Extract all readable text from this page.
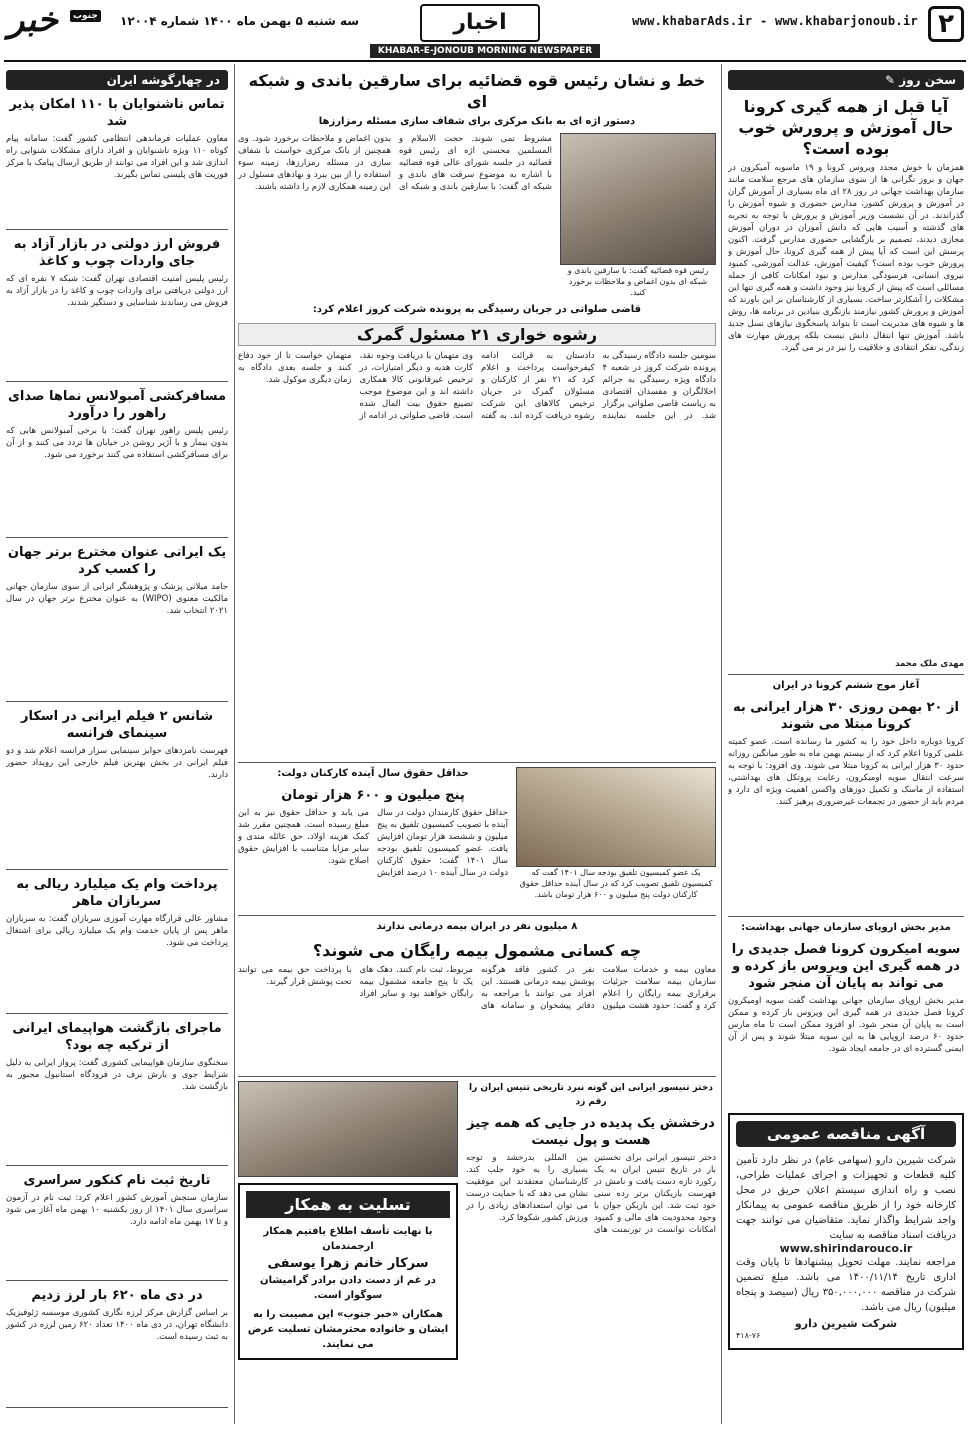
۲
www.khabarAds.ir - www.khabarjonoub.ir
اخبار
سه شنبه ۵ بهمن ماه ۱۴۰۰ شماره ۱۲۰۰۴
خبر	جنوب
KHABAR-E-JONOUB MORNING NEWSPAPER
سخن روز ✎
آیا قبل از همه گیری کرونا حال آموزش و پرورش خوب بوده است؟
همزمان با خوش مجدد ویروس کرونا و ۱۹ ماسوبه آمیکرون در جهان و بروز نگرانی ها از سوی سازمان های مرجع سلامت مانند سازمان بهداشت جهانی در روز ۲۸ ای ماه بسیاری از آمورش گران در آمورش و پرورش کشور، مدارس حضوری و شیوه آموزش را گذراندند. در آن نشست وزیر آموزش و پرورش با توجه به تجربه های گذشته و آسیب هایی که دانش آموزان در دوران آموزش مجازی دیدند، تصمیم بر بازگشایی حضوری مدارس گرفت. اکنون پرسش این است که آیا پیش از همه گیری کرونا، حال آموزش و پرورش خوب بوده است؟ کیفیت آموزش، عدالت آموزشی، کمبود نیروی انسانی، فرسودگی مدارس و نبود امکانات کافی از جمله مسائلی است که پیش از کرونا نیز وجود داشت و همه گیری تنها این مشکلات را آشکارتر ساخت. بسیاری از کارشناسان بر این باورند که آموزش و پرورش کشور نیازمند بازنگری بنیادین در برنامه ها، روش ها و شیوه های مدیریت است تا بتواند پاسخگوی نیازهای نسل جدید باشد. آموزش تنها انتقال دانش نیست بلکه پرورش مهارت های زندگی، تفکر انتقادی و خلاقیت را نیز در بر می گیرد.
مهدی ملک محمد
آغاز موج ششم کرونا در ایران
از ۲۰ بهمن روزی ۳۰ هزار ایرانی به کرونا مبتلا می شوند
کرونا دوباره داخل خود را به کشور ما رسانده است. عضو کمیته علمی کرونا اعلام کرد که از بیستم بهمن ماه به طور میانگین روزانه حدود ۳۰ هزار ایرانی به کرونا مبتلا می شوند. وی افزود: با توجه به سرعت انتقال سویه اومیکرون، رعایت پروتکل های بهداشتی، استفاده از ماسک و تکمیل دوزهای واکسن اهمیت ویژه ای دارد و مردم باید از حضور در تجمعات غیرضروری پرهیز کنند.
مدیر بخش اروپای سازمان جهانی بهداشت:
سویه امیکرون کرونا فصل جدیدی را در همه گیری این ویروس باز کرده و می تواند به پایان آن منجر شود
مدیر بخش اروپای سازمان جهانی بهداشت گفت سویه اومیکرون کرونا فصل جدیدی در همه گیری این ویروس باز کرده و ممکن است به پایان آن منجر شود. او افزود ممکن است تا ماه مارس حدود ۶۰ درصد اروپایی ها به این سویه مبتلا شوند و پس از آن ایمنی گسترده ای در جامعه ایجاد شود.
آگهی مناقصه عمومی
شرکت شیرین دارو (سهامی عام) در نظر دارد تأمین کلیه قطعات و تجهیزات و اجرای عملیات طراحی، نصب و راه اندازی سیستم اعلان حریق در محل کارخانه خود را از طریق مناقصه عمومی به پیمانکار واجد شرایط واگذار نماید. متقاضیان می توانند جهت دریافت اسناد مناقصه به سایت
www.shirindarouco.ir
مراجعه نمایند. مهلت تحویل پیشنهادها تا پایان وقت اداری تاریخ ۱۴۰۰/۱۱/۱۴ می باشد. مبلغ تضمین شرکت در مناقصه ۳۵۰,۰۰۰,۰۰۰ ریال (سیصد و پنجاه میلیون) ریال می باشد.
شرکت شیرین دارو
۴۱۸-۷۶
خط و نشان رئیس قوه قضائیه برای سارقین باندی و شبکه ای
دستور اژه ای به بانک مرکزی برای شفاف سازی مسئله رمزارزها
رئیس قوه قضائیه گفت: با سارقین باندی و شبکه ای بدون اغماض و ملاحظات برخورد کنید.
مشروط نمی شوند. حجت الاسلام و المسلمین محسنی اژه ای رئیس قوه قضائیه در جلسه شورای عالی قوه قضائیه با اشاره به موضوع سرقت های باندی و شبکه ای گفت: با سارقین باندی و شبکه ای بدون اغماض و ملاحظات برخورد شود. وی همچنین از بانک مرکزی خواست با شفاف سازی در مسئله رمزارزها، زمینه سوء استفاده را از بین ببرد و نهادهای مسئول در این زمینه همکاری لازم را داشته باشند.
قاضی صلواتی در جریان رسیدگی به پرونده شرکت کروز اعلام کرد:
رشوه خواری ۲۱ مسئول گمرک
سومین جلسه دادگاه رسیدگی به پرونده شرکت کروز در شعبه ۴ دادگاه ویژه رسیدگی به جرائم اخلالگران و مفسدان اقتصادی به ریاست قاضی صلواتی برگزار شد. در این جلسه نماینده دادستان به قرائت ادامه کیفرخواست پرداخت و اعلام کرد که ۲۱ نفر از کارکنان و مسئولان گمرک در جریان ترخیص کالاهای این شرکت رشوه دریافت کرده اند. به گفته وی متهمان با دریافت وجوه نقد، کارت هدیه و دیگر امتیازات، در ترخیص غیرقانونی کالا همکاری داشته اند و این موضوع موجب تضییع حقوق بیت المال شده است. قاضی صلواتی در ادامه از متهمان خواست تا از خود دفاع کنند و جلسه بعدی دادگاه به زمان دیگری موکول شد.
یک عضو کمیسیون تلفیق بودجه سال ۱۴۰۱ گفت که کمیسیون تلفیق تصویب کرد که در سال آینده حداقل حقوق کارکنان دولت پنج میلیون و ۶۰۰ هزار تومان باشد.
حداقل حقوق سال آینده کارکنان دولت:
پنج میلیون و ۶۰۰ هزار تومان
حداقل حقوق کارمندان دولت در سال آینده با تصویب کمیسیون تلفیق به پنج میلیون و ششصد هزار تومان افزایش یافت. عضو کمیسیون تلفیق بودجه سال ۱۴۰۱ گفت: حقوق کارکنان دولت در سال آینده ۱۰ درصد افزایش می یابد و حداقل حقوق نیز به این مبلغ رسیده است. همچنین مقرر شد کمک هزینه اولاد، حق عائله مندی و سایر مزایا متناسب با افزایش حقوق اصلاح شود.
۸ میلیون نفر در ایران بیمه درمانی ندارند
چه کسانی مشمول بیمه رایگان می شوند؟
معاون بیمه و خدمات سلامت سازمان بیمه سلامت جزئیات برقراری بیمه رایگان را اعلام کرد و گفت: حدود هشت میلیون نفر در کشور فاقد هرگونه پوشش بیمه درمانی هستند. این افراد می توانند با مراجعه به دفاتر پیشخوان و سامانه های مربوط، ثبت نام کنند. دهک های یک تا پنج جامعه مشمول بیمه رایگان خواهند بود و سایر افراد با پرداخت حق بیمه می توانند تحت پوشش قرار گیرند.
دختر تنیسور ایرانی این گونه نبرد تاریخی تنیس ایران را رقم زد
درخشش یک پدیده در جایی که همه چیز هست و پول نیست
دختر تنیسور ایرانی برای نخستین بار در تاریخ تنیس ایران به یک رکورد تازه دست یافت و نامش در فهرست بازیکنان برتر رده سنی خود ثبت شد. این بازیکن جوان با وجود محدودیت های مالی و کمبود امکانات توانست در تورنمنت های بین المللی بدرخشد و توجه بسیاری را به خود جلب کند. کارشناسان معتقدند این موفقیت نشان می دهد که با حمایت درست می توان استعدادهای زیادی را در ورزش کشور شکوفا کرد.
تسلیت به همکار
با نهایت تأسف اطلاع یافتیم همکار ارجمندمان
سرکار خانم زهرا یوسفی
در غم از دست دادن برادر گرامیشان سوگوار است.
همکاران «خبر جنوب» این مصیبت را به ایشان و خانواده محترمشان تسلیت عرض می نمایند.
در چهارگوشه ایران
تماس ناشنوایان با ۱۱۰ امکان پذیر شد
معاون عملیات فرماندهی انتظامی کشور گفت: سامانه پیام کوتاه ۱۱۰ ویژه ناشنوایان و افراد دارای مشکلات شنوایی راه اندازی شد و این افراد می توانند از طریق ارسال پیامک با مرکز فوریت های پلیسی تماس بگیرند.
فروش ارز دولتی در بازار آزاد به جای واردات چوب و کاغذ
رئیس پلیس امنیت اقتصادی تهران گفت: شبکه ۷ نفره ای که ارز دولتی دریافتی برای واردات چوب و کاغذ را در بازار آزاد به فروش می رساندند شناسایی و دستگیر شدند.
مسافرکشی آمبولانس نماها صدای راهور را درآورد
رئیس پلیس راهور تهران گفت: با برخی آمبولانس هایی که بدون بیمار و با آژیر روشن در خیابان ها تردد می کنند و از آن برای مسافرکشی استفاده می کنند برخورد می شود.
یک ایرانی عنوان مخترع برتر جهان را کسب کرد
حامد میلانی پزشک و پژوهشگر ایرانی از سوی سازمان جهانی مالکیت معنوی (WIPO) به عنوان مخترع برتر جهان در سال ۲۰۲۱ انتخاب شد.
شانس ۲ فیلم ایرانی در اسکار سینمای فرانسه
فهرست نامزدهای جوایز سینمایی سزار فرانسه اعلام شد و دو فیلم ایرانی در بخش بهترین فیلم خارجی این رویداد حضور دارند.
پرداخت وام یک میلیارد ریالی به سربازان ماهر
مشاور عالی قرارگاه مهارت آموزی سربازان گفت: به سربازان ماهر پس از پایان خدمت وام یک میلیارد ریالی برای اشتغال پرداخت می شود.
ماجرای بازگشت هواپیمای ایرانی از ترکیه چه بود؟
سخنگوی سازمان هواپیمایی کشوری گفت: پرواز ایرانی به دلیل شرایط جوی و بارش برف در فرودگاه استانبول مجبور به بازگشت شد.
تاریخ ثبت نام کنکور سراسری
سازمان سنجش آموزش کشور اعلام کرد: ثبت نام در آزمون سراسری سال ۱۴۰۱ از روز یکشنبه ۱۰ بهمن ماه آغاز می شود و تا ۱۷ بهمن ماه ادامه دارد.
در دی ماه ۶۲۰ بار لرز زدیم
بر اساس گزارش مرکز لرزه نگاری کشوری موسسه ژئوفیزیک دانشگاه تهران، در دی ماه ۱۴۰۰ تعداد ۶۲۰ زمین لرزه در کشور به ثبت رسیده است.
